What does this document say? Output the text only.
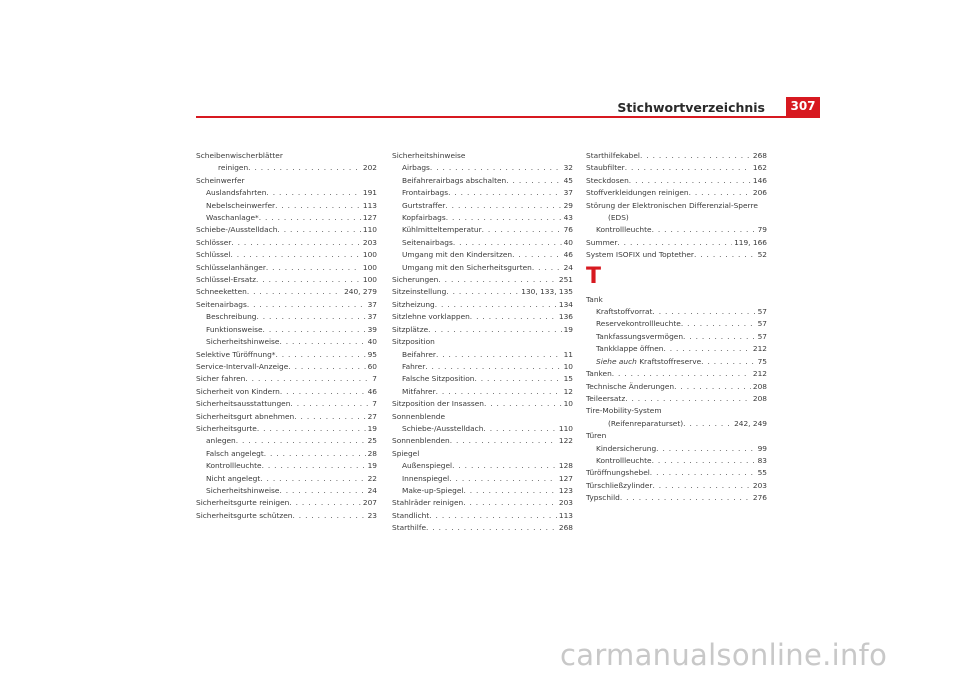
Stichwortverzeichnis	307
Scheibenwischerblätter
reinigen . . .	202
Scheinwerfer
Auslandsfahrten . . .	191
Nebelscheinwerfer . . .	113
Waschanlage* . . .	127
Schiebe-/Ausstelldach . . .	110
Schlösser . . .	203
Schlüssel . . .	100
Schlüsselanhänger . . .	100
Schlüssel-Ersatz . . .	100
Schneeketten . . .	240, 279
Seitenairbags . . .	37
Beschreibung . . .	37
Funktionsweise . . .	39
Sicherheitshinweise . . .	40
Selektive Türöffnung* . . .	95
Service-Intervall-Anzeige . . .	60
Sicher fahren . . .	7
Sicherheit von Kindern . . .	46
Sicherheitsausstattungen . . .	7
Sicherheitsgurt abnehmen . . .	27
Sicherheitsgurte . . .	19
anlegen . . .	25
Falsch angelegt . . .	28
Kontrollleuchte . . .	19
Nicht angelegt . . .	22
Sicherheitshinweise . . .	24
Sicherheitsgurte reinigen . . .	207
Sicherheitsgurte schützen . . .	23
Sicherheitshinweise
Airbags . . .	32
Beifahrerairbags abschalten . . .	45
Frontairbags . . .	37
Gurtstraffer . . .	29
Kopfairbags . . .	43
Kühlmitteltemperatur . . .	76
Seitenairbags . . .	40
Umgang mit den Kindersitzen . . .	46
Umgang mit den Sicherheitsgurten . . .	24
Sicherungen . . .	251
Sitzeinstellung . . .	130, 133, 135
Sitzheizung . . .	134
Sitzlehne vorklappen . . .	136
Sitzplätze . . .	19
Sitzposition
Beifahrer . . .	11
Fahrer . . .	10
Falsche Sitzposition . . .	15
Mitfahrer . . .	12
Sitzposition der Insassen . . .	10
Sonnenblende
Schiebe-/Ausstelldach . . .	110
Sonnenblenden . . .	122
Spiegel
Außenspiegel . . .	128
Innenspiegel . . .	127
Make-up-Spiegel . . .	123
Stahlräder reinigen . . .	203
Standlicht . . .	113
Starthilfe . . .	268
Starthilfekabel . . .	268
Staubfilter . . .	162
Steckdosen . . .	146
Stoffverkleidungen reinigen . . .	206
Störung der Elektronischen Differenzial-Sperre
(EDS)
Kontrollleuchte . . .	79
Summer . . .	119, 166
System ISOFIX und Toptether . . .	52
T
Tank
Kraftstoffvorrat . . .	57
Reservekontrollleuchte . . .	57
Tankfassungsvermögen . . .	57
Tankklappe öffnen . . .	212
Siehe auch Kraftstoffreserve . . .	75
Tanken . . .	212
Technische Änderungen . . .	208
Teileersatz . . .	208
Tire-Mobility-System
(Reifenreparaturset) . . .	242, 249
Türen
Kindersicherung . . .	99
Kontrollleuchte . . .	83
Türöffnungshebel . . .	55
Türschließzylinder . . .	203
Typschild . . .	276
carmanualsonline.info
